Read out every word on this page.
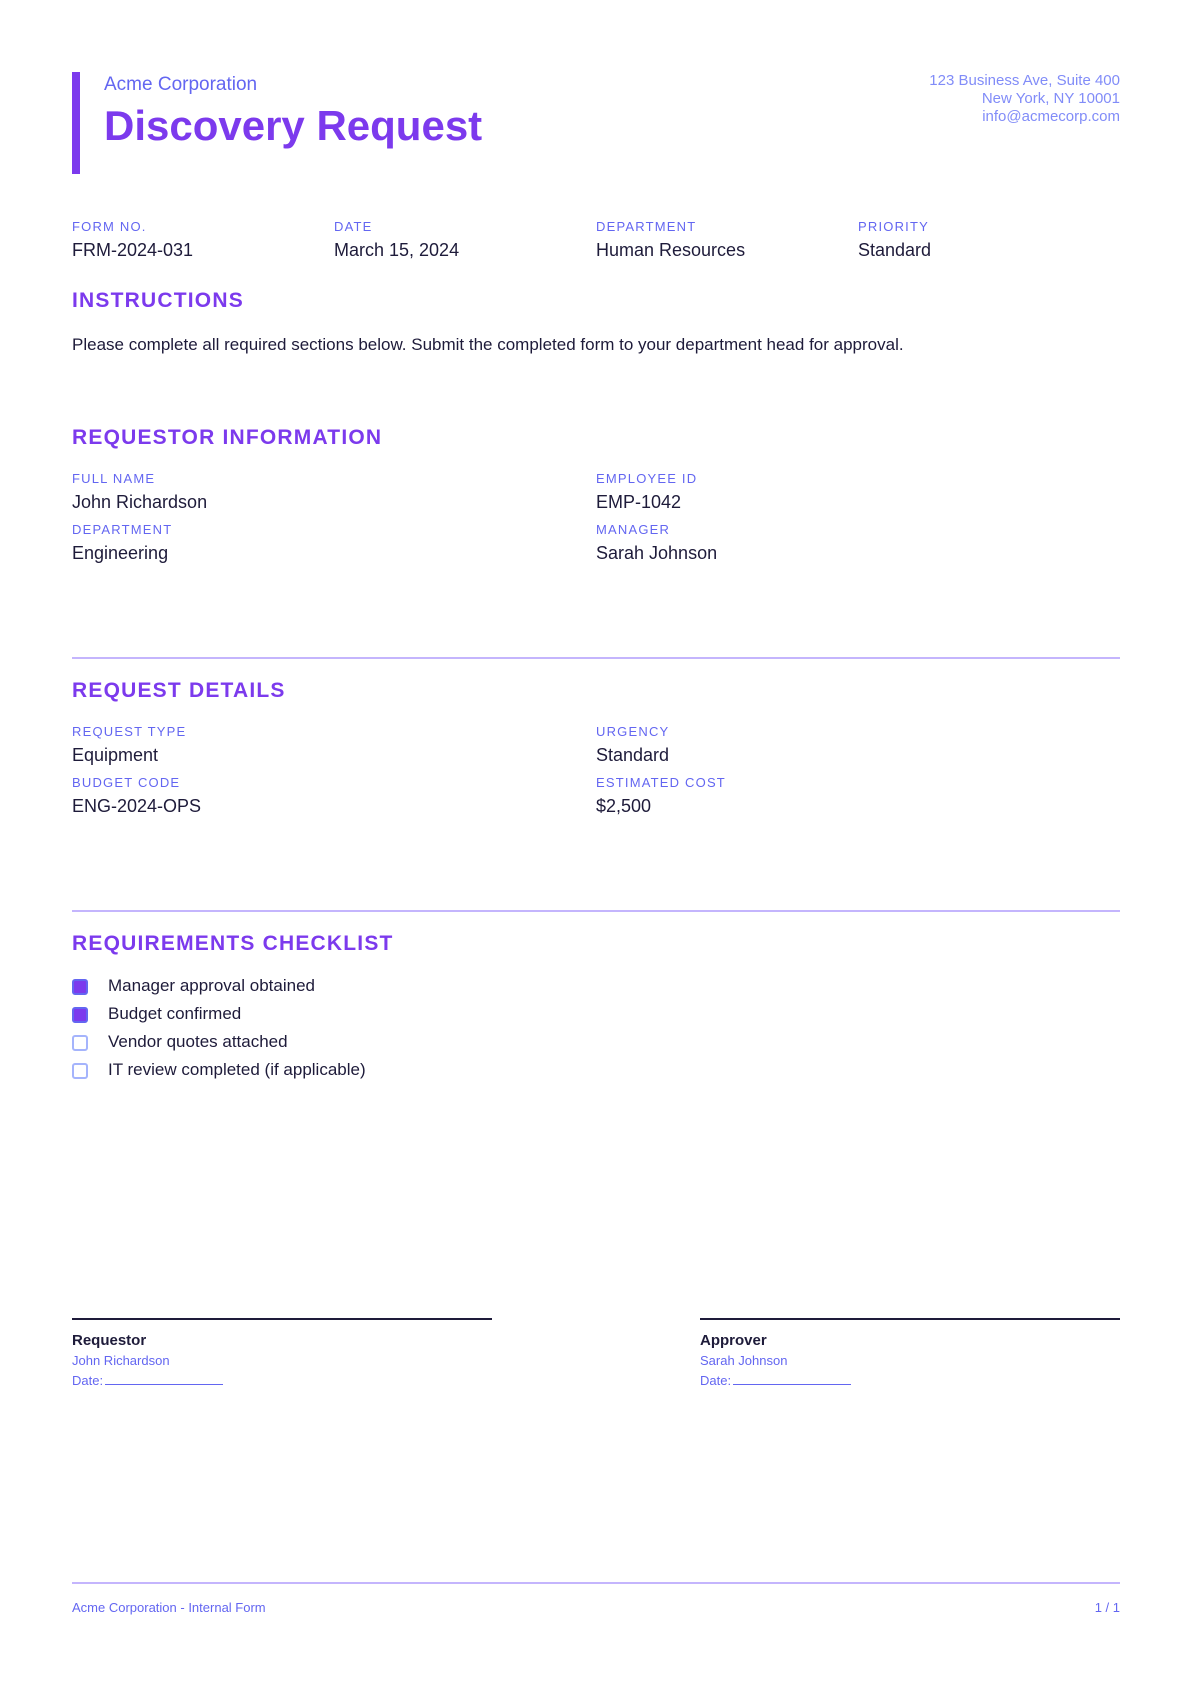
Acme Corporation
Discovery Request
123 Business Ave, Suite 400
New York, NY 10001
info@acmecorp.com
FORM NO.
FRM-2024-031
DATE
March 15, 2024
DEPARTMENT
Human Resources
PRIORITY
Standard
INSTRUCTIONS
Please complete all required sections below. Submit the completed form to your department head for approval.
REQUESTOR INFORMATION
FULL NAME
John Richardson
EMPLOYEE ID
EMP-1042
DEPARTMENT
Engineering
MANAGER
Sarah Johnson
REQUEST DETAILS
REQUEST TYPE
Equipment
URGENCY
Standard
BUDGET CODE
ENG-2024-OPS
ESTIMATED COST
$2,500
REQUIREMENTS CHECKLIST
Manager approval obtained
Budget confirmed
Vendor quotes attached
IT review completed (if applicable)
Requestor
John Richardson
Date:
Approver
Sarah Johnson
Date:
Acme Corporation - Internal Form	1 / 1
